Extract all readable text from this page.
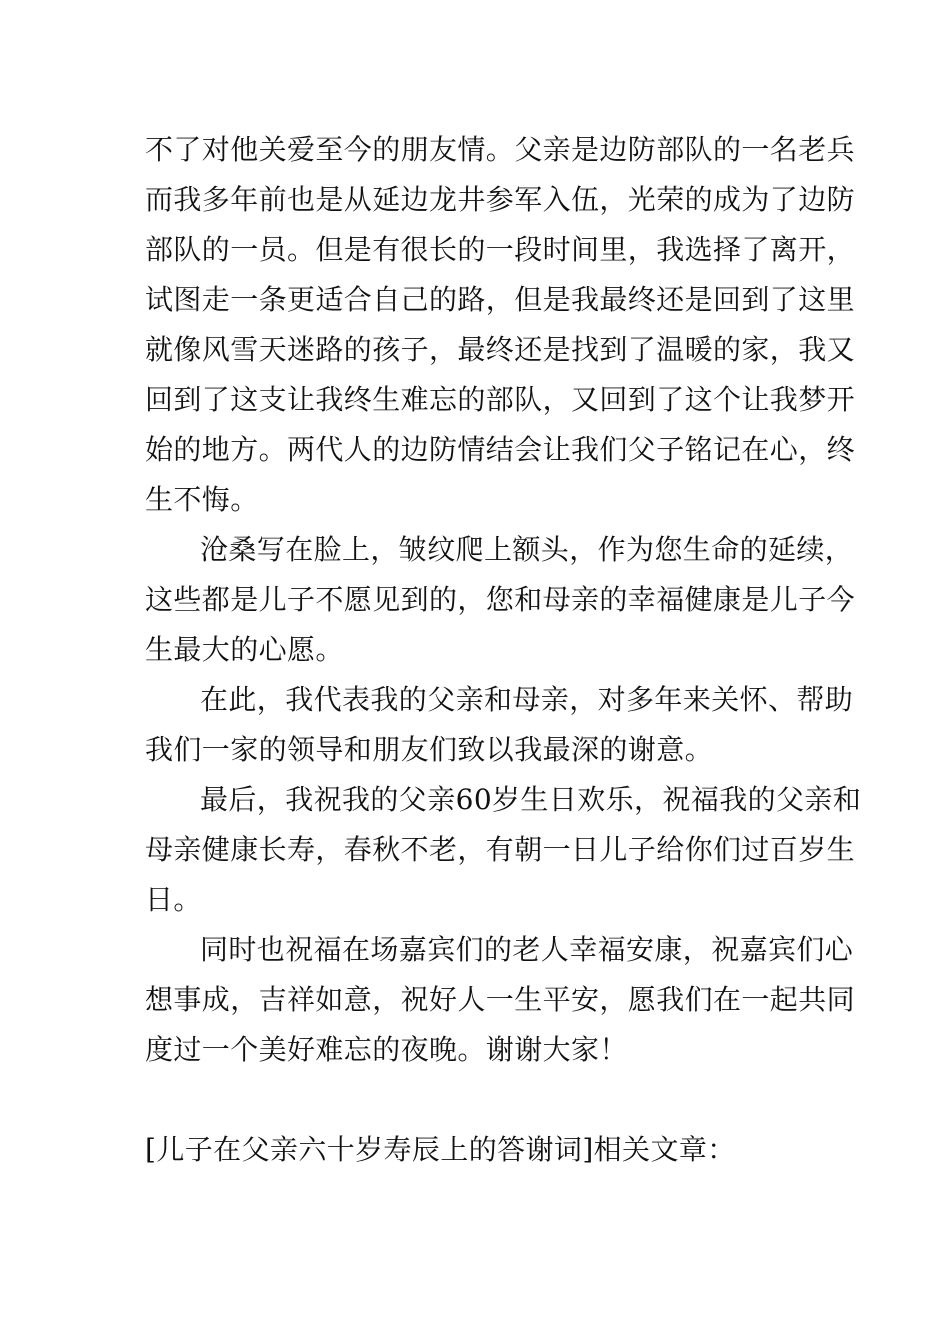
不了对他关爱至今的朋友情。父亲是边防部队的一名老兵
而我多年前也是从延边龙井参军入伍，光荣的成为了边防
部队的一员。但是有很长的一段时间里，我选择了离开，
试图走一条更适合自己的路，但是我最终还是回到了这里
就像风雪天迷路的孩子，最终还是找到了温暖的家，我又
回到了这支让我终生难忘的部队，又回到了这个让我梦开
始的地方。两代人的边防情结会让我们父子铭记在心，终
生不悔。
沧桑写在脸上，皱纹爬上额头，作为您生命的延续，
这些都是儿子不愿见到的，您和母亲的幸福健康是儿子今
生最大的心愿。
在此，我代表我的父亲和母亲，对多年来关怀、帮助
我们一家的领导和朋友们致以我最深的谢意。
最后，我祝我的父亲60岁生日欢乐，祝福我的父亲和
母亲健康长寿，春秋不老，有朝一日儿子给你们过百岁生
日。
同时也祝福在场嘉宾们的老人幸福安康，祝嘉宾们心
想事成，吉祥如意，祝好人一生平安，愿我们在一起共同
度过一个美好难忘的夜晚。谢谢大家！
[儿子在父亲六十岁寿辰上的答谢词]相关文章：
